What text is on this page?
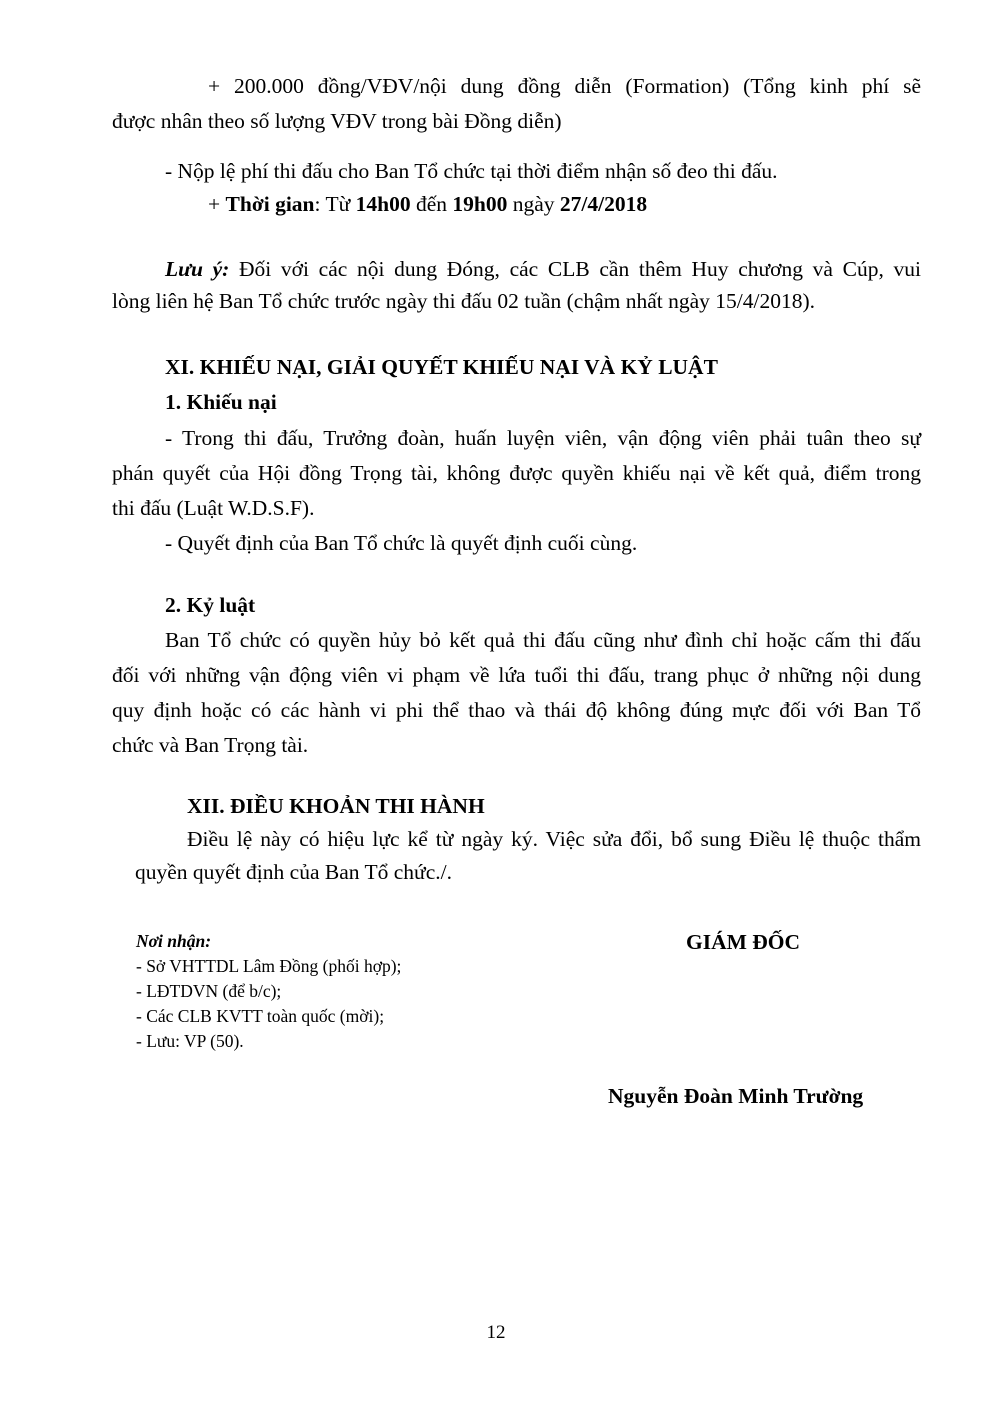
+ 200.000 đồng/VĐV/nội dung đồng diễn (Formation) (Tổng kinh phí sẽ
được nhân theo số lượng VĐV trong bài Đồng diễn)
- Nộp lệ phí thi đấu cho Ban Tổ chức tại thời điểm nhận số đeo thi đấu.
+ Thời gian: Từ 14h00 đến 19h00 ngày 27/4/2018
Lưu ý: Đối với các nội dung Đóng, các CLB cần thêm Huy chương và Cúp, vui
lòng liên hệ Ban Tổ chức trước ngày thi đấu 02 tuần (chậm nhất ngày 15/4/2018).
XI. KHIẾU NẠI, GIẢI QUYẾT KHIẾU NẠI VÀ KỶ LUẬT
1. Khiếu nại
- Trong thi đấu, Trưởng đoàn, huấn luyện viên, vận động viên phải tuân theo sự
phán quyết của Hội đồng Trọng tài, không được quyền khiếu nại về kết quả, điểm trong
thi đấu (Luật W.D.S.F).
- Quyết định của Ban Tổ chức là quyết định cuối cùng.
2. Kỷ luật
Ban Tổ chức có quyền hủy bỏ kết quả thi đấu cũng như đình chỉ hoặc cấm thi đấu
đối với những vận động viên vi phạm về lứa tuổi thi đấu, trang phục ở những nội dung
quy định hoặc có các hành vi phi thể thao và thái độ không đúng mực đối với Ban Tổ
chức và Ban Trọng tài.
XII. ĐIỀU KHOẢN THI HÀNH
Điều lệ này có hiệu lực kể từ ngày ký. Việc sửa đổi, bổ sung Điều lệ thuộc thẩm
quyền quyết định của Ban Tổ chức./.
Nơi nhận:
- Sở VHTTDL Lâm Đồng (phối hợp);
- LĐTDVN (để b/c);
- Các CLB KVTT toàn quốc (mời);
- Lưu: VP (50).
GIÁM ĐỐC
Nguyễn Đoàn Minh Trường
12
